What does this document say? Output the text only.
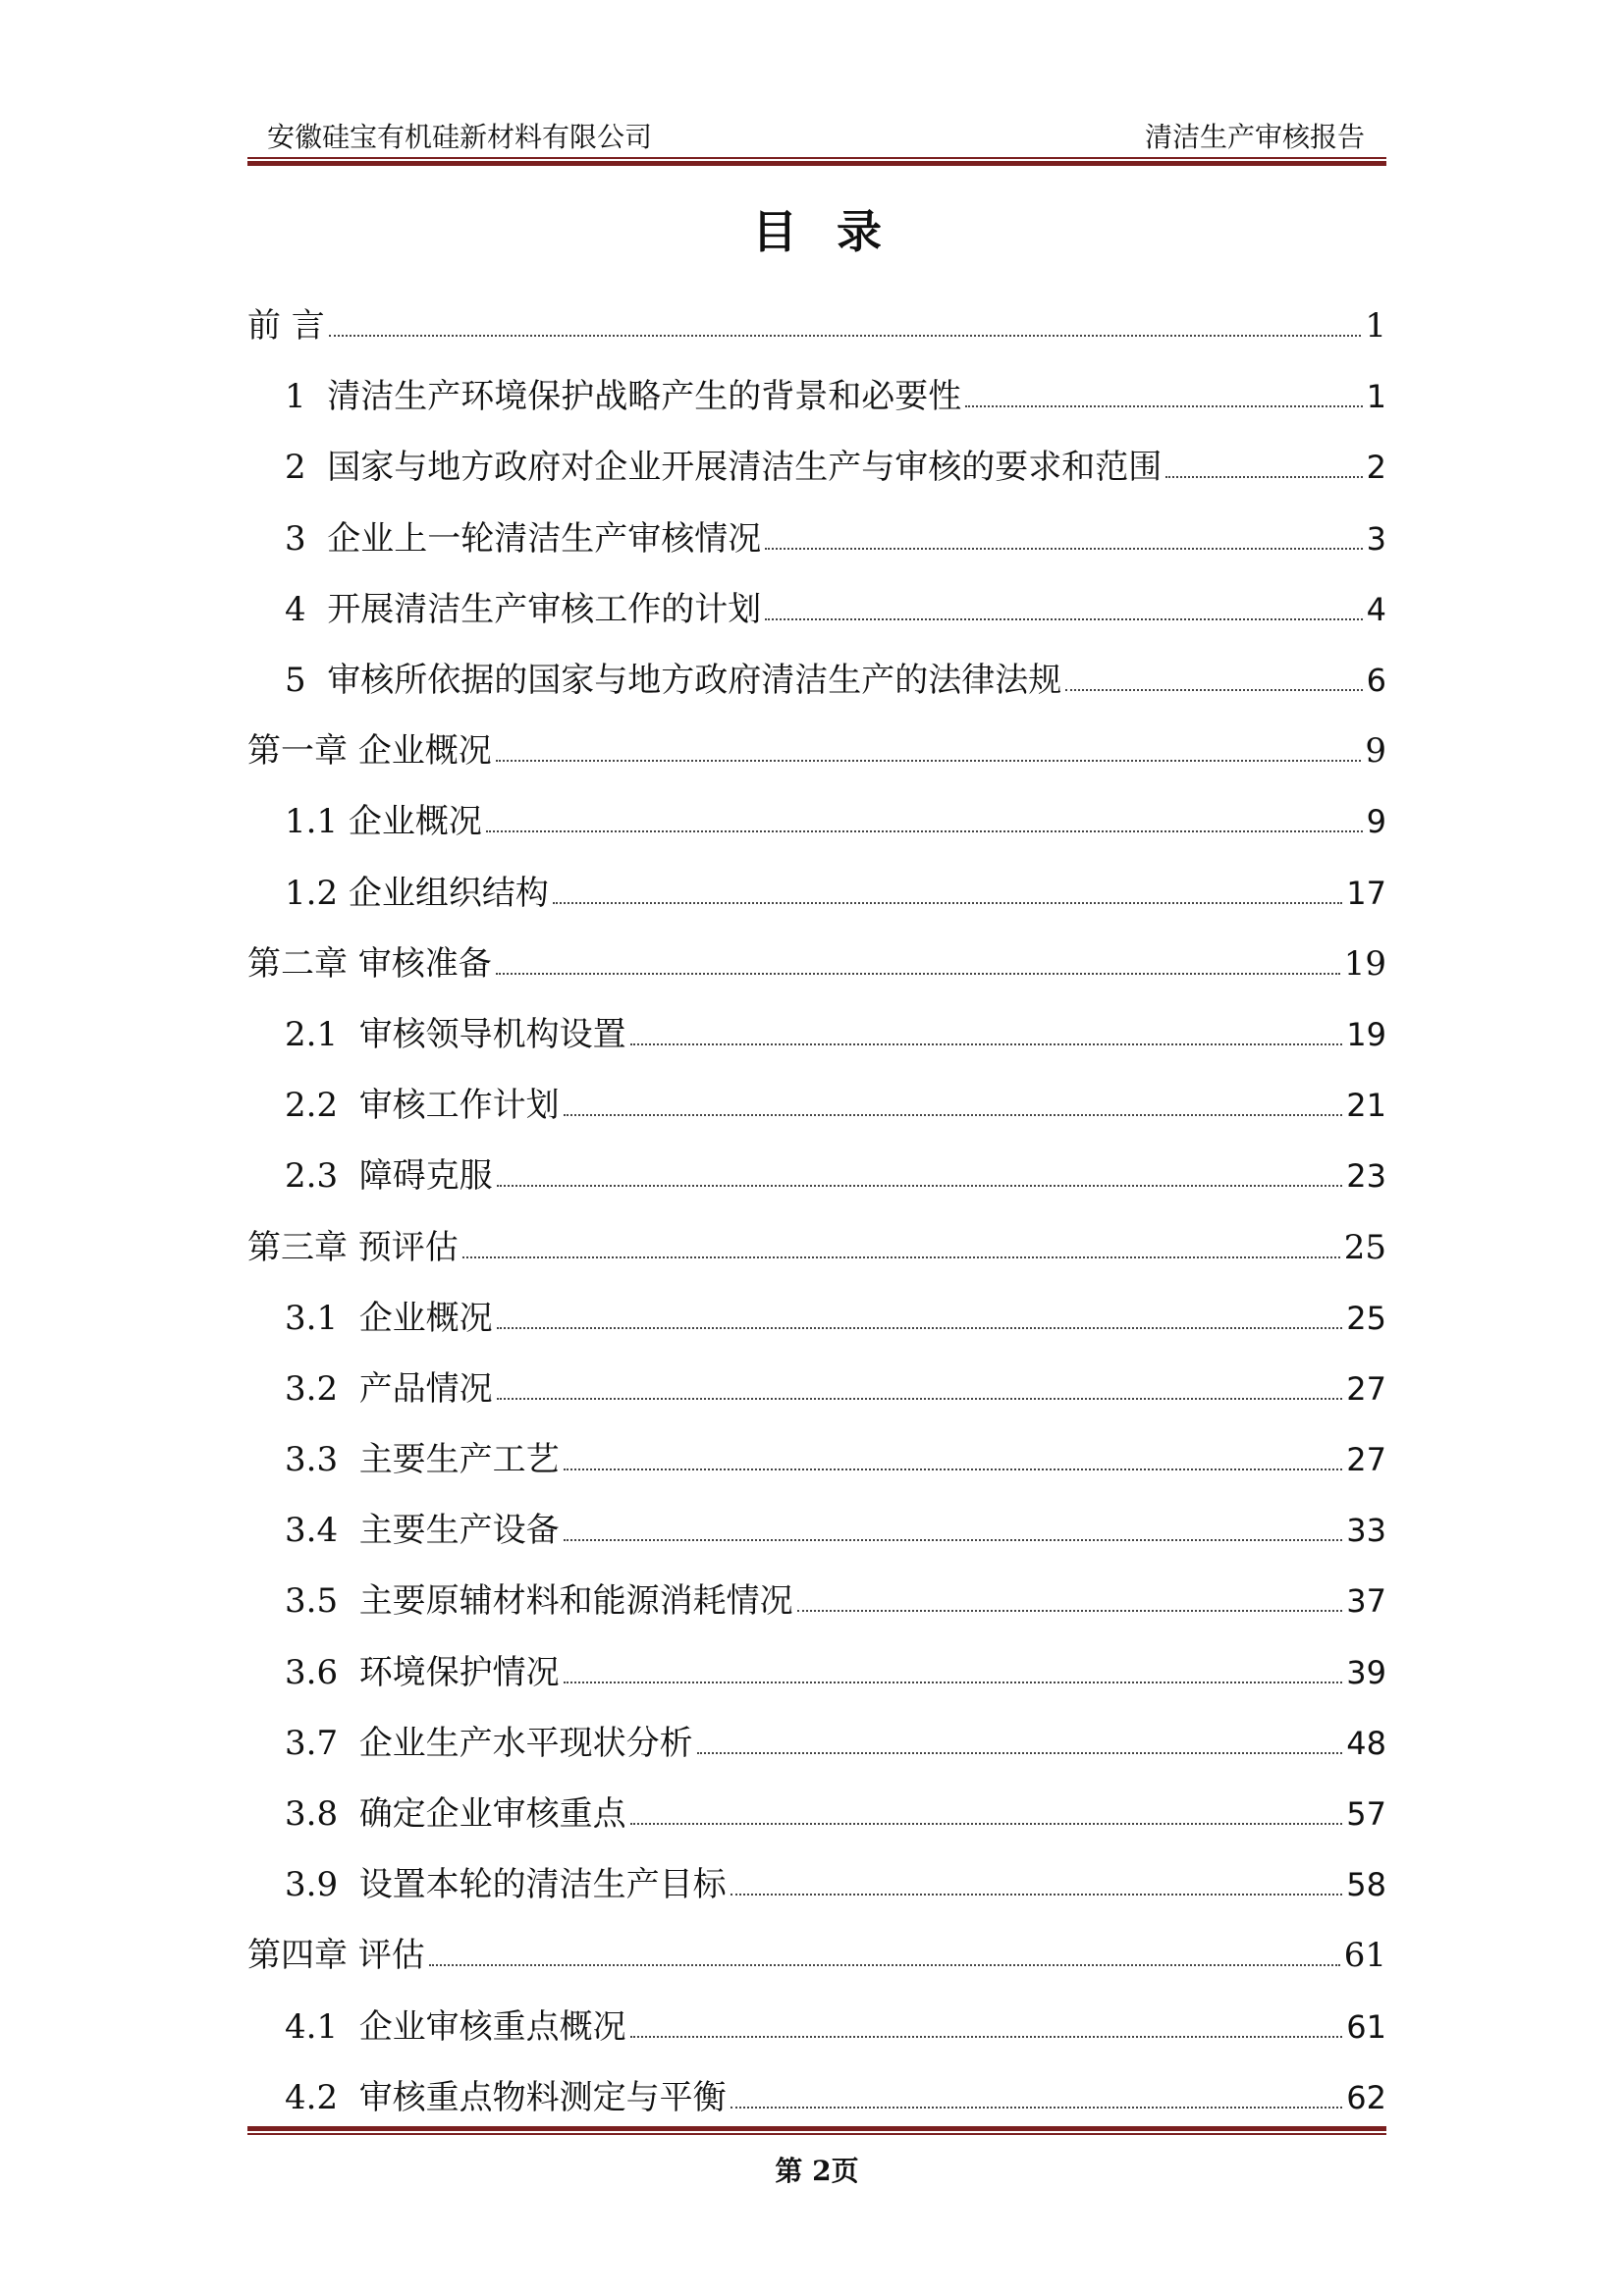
安徽硅宝有机硅新材料有限公司	清洁生产审核报告
目录
前 言	1
1 清洁生产环境保护战略产生的背景和必要性	1
2 国家与地方政府对企业开展清洁生产与审核的要求和范围	2
3 企业上一轮清洁生产审核情况	3
4 开展清洁生产审核工作的计划	4
5 审核所依据的国家与地方政府清洁生产的法律法规	6
第一章 企业概况	9
1.1 企业概况	9
1.2 企业组织结构	17
第二章 审核准备	19
2.1 审核领导机构设置	19
2.2 审核工作计划	21
2.3 障碍克服	23
第三章 预评估	25
3.1 企业概况	25
3.2 产品情况	27
3.3 主要生产工艺	27
3.4 主要生产设备	33
3.5 主要原辅材料和能源消耗情况	37
3.6 环境保护情况	39
3.7 企业生产水平现状分析	48
3.8 确定企业审核重点	57
3.9 设置本轮的清洁生产目标	58
第四章 评估	61
4.1 企业审核重点概况	61
4.2 审核重点物料测定与平衡	62
第 2页
